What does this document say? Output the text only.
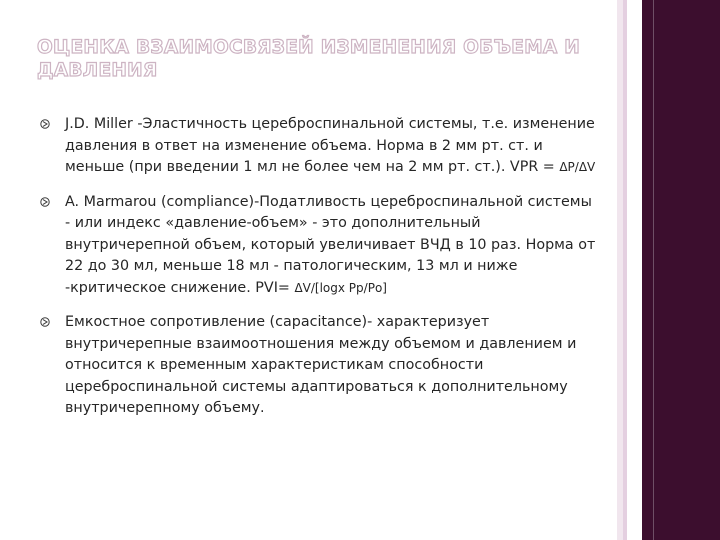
ОЦЕНКА ВЗАИМОСВЯЗЕЙ ИЗМЕНЕНИЯ ОБЪЕМА И ДАВЛЕНИЯ
J.D. Miller -Эластичность цереброспинальной системы, т.е. изменение давления в ответ на изменение объема. Норма в 2 мм рт. ст. и меньше (при введении 1 мл не более чем на 2 мм рт. ст.). VPR = ΔP/ΔV
A. Marmarou (compliance)-Податливость цереброспинальной системы - или индекс «давление-объем» - это дополнительный внутричерепной объем, который увеличивает ВЧД в 10 раз. Норма от 22 до 30 мл, меньше 18 мл - патологическим, 13 мл и ниже -критическое снижение. PVI= ΔV/[logx Pр/Pо]
Емкостное сопротивление (capacitance)- характеризует внутричерепные взаимоотношения между объемом и давлением и относится к временным характеристикам способности цереброспинальной системы адаптироваться к дополнительному внутричерепному объему.
